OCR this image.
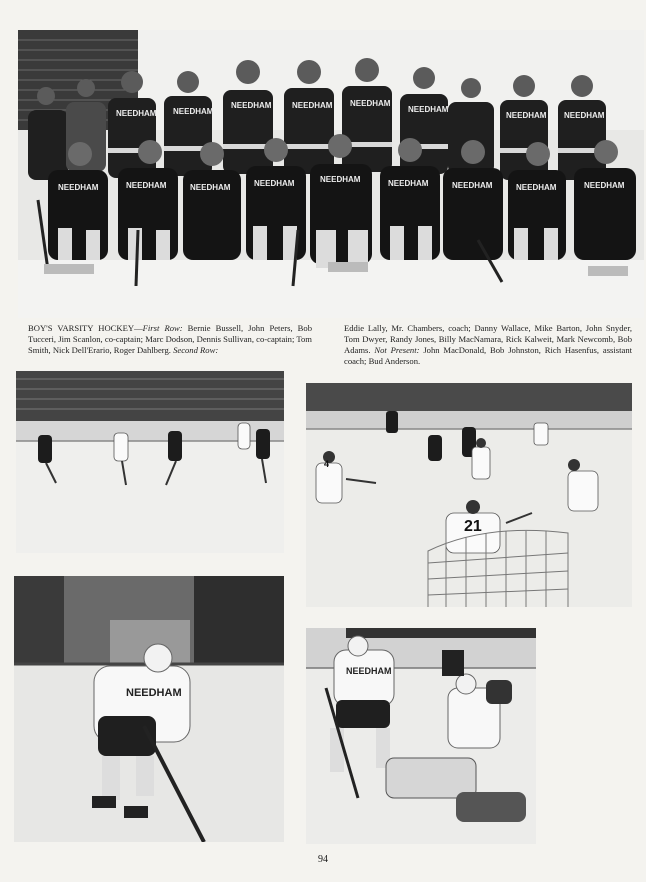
NEEDHAM NEEDHAM
NEEDHAM	NEEDHAM NEEDHAM
NEEDHAM
NEEDHAM NEEDHAM
NEEDHAM	NEEDHAM	NEEDHAM	NEEDHAM	NEEDHAM	NEEDHAM	NEEDHAM	NEEDHAM	NEEDHAM
BOY'S VARSITY HOCKEY—First Row: Bernie Bussell, John Peters, Bob Tucceri, Jim Scanlon, co-captain; Marc Dodson, Dennis Sullivan, co-captain; Tom Smith, Nick Dell'Erario, Roger Dahlberg. Second Row:
Eddie Lally, Mr. Chambers, coach; Danny Wallace, Mike Barton, John Snyder, Tom Dwyer, Randy Jones, Billy MacNamara, Rick Kalweit, Mark Newcomb, Bob Adams. Not Present: John MacDonald, Bob Johnston, Rich Hasenfus, assistant coach; Bud Anderson.
21
4
NEEDHAM
NEEDHAM
94
